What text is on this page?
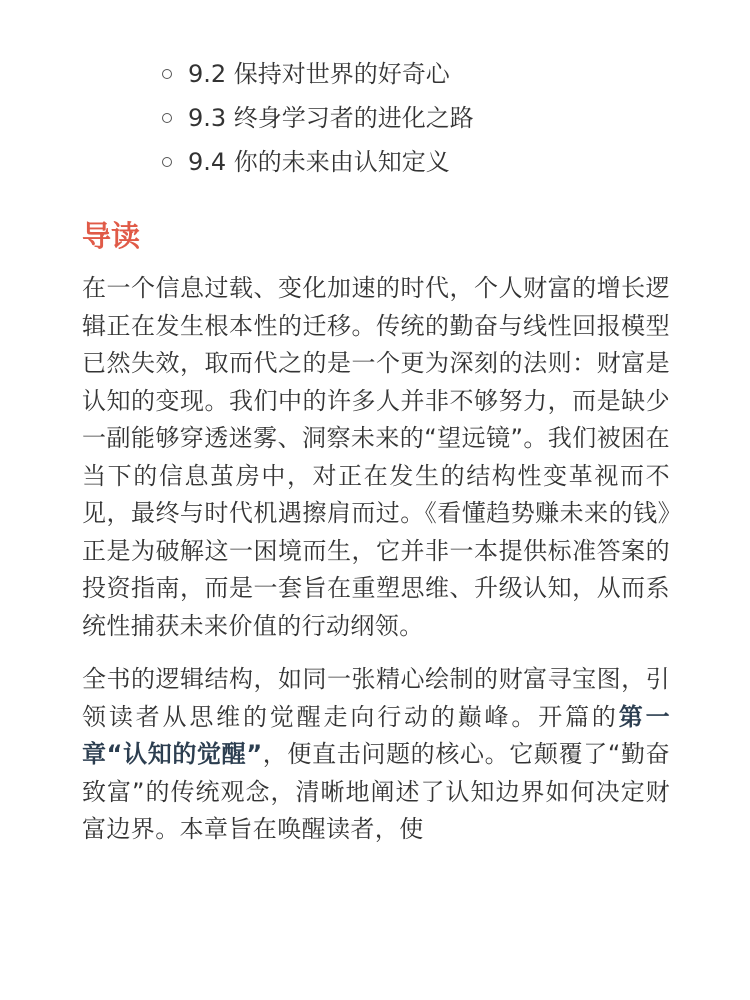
9.2 保持对世界的好奇心
9.3 终身学习者的进化之路
9.4 你的未来由认知定义
导读

在一个信息过载、变化加速的时代，个人财富的增长逻辑正在发生根本性的迁移。传统的勤奋与线性回报模型已然失效，取而代之的是一个更为深刻的法则：财富是认知的变现。我们中的许多人并非不够努力，而是缺少一副能够穿透迷雾、洞察未来的“望远镜”。我们被困在当下的信息茧房中，对正在发生的结构性变革视而不见，最终与时代机遇擦肩而过。《看懂趋势赚未来的钱》正是为破解这一困境而生，它并非一本提供标准答案的投资指南，而是一套旨在重塑思维、升级认知，从而系统性捕获未来价值的行动纲领。

全书的逻辑结构，如同一张精心绘制的财富寻宝图，引领读者从思维的觉醒走向行动的巅峰。开篇的第一章“认知的觉醒”，便直击问题的核心。它颠覆了“勤奋致富”的传统观念，清晰地阐述了认知边界如何决定财富边界。本章旨在唤醒读者，使
